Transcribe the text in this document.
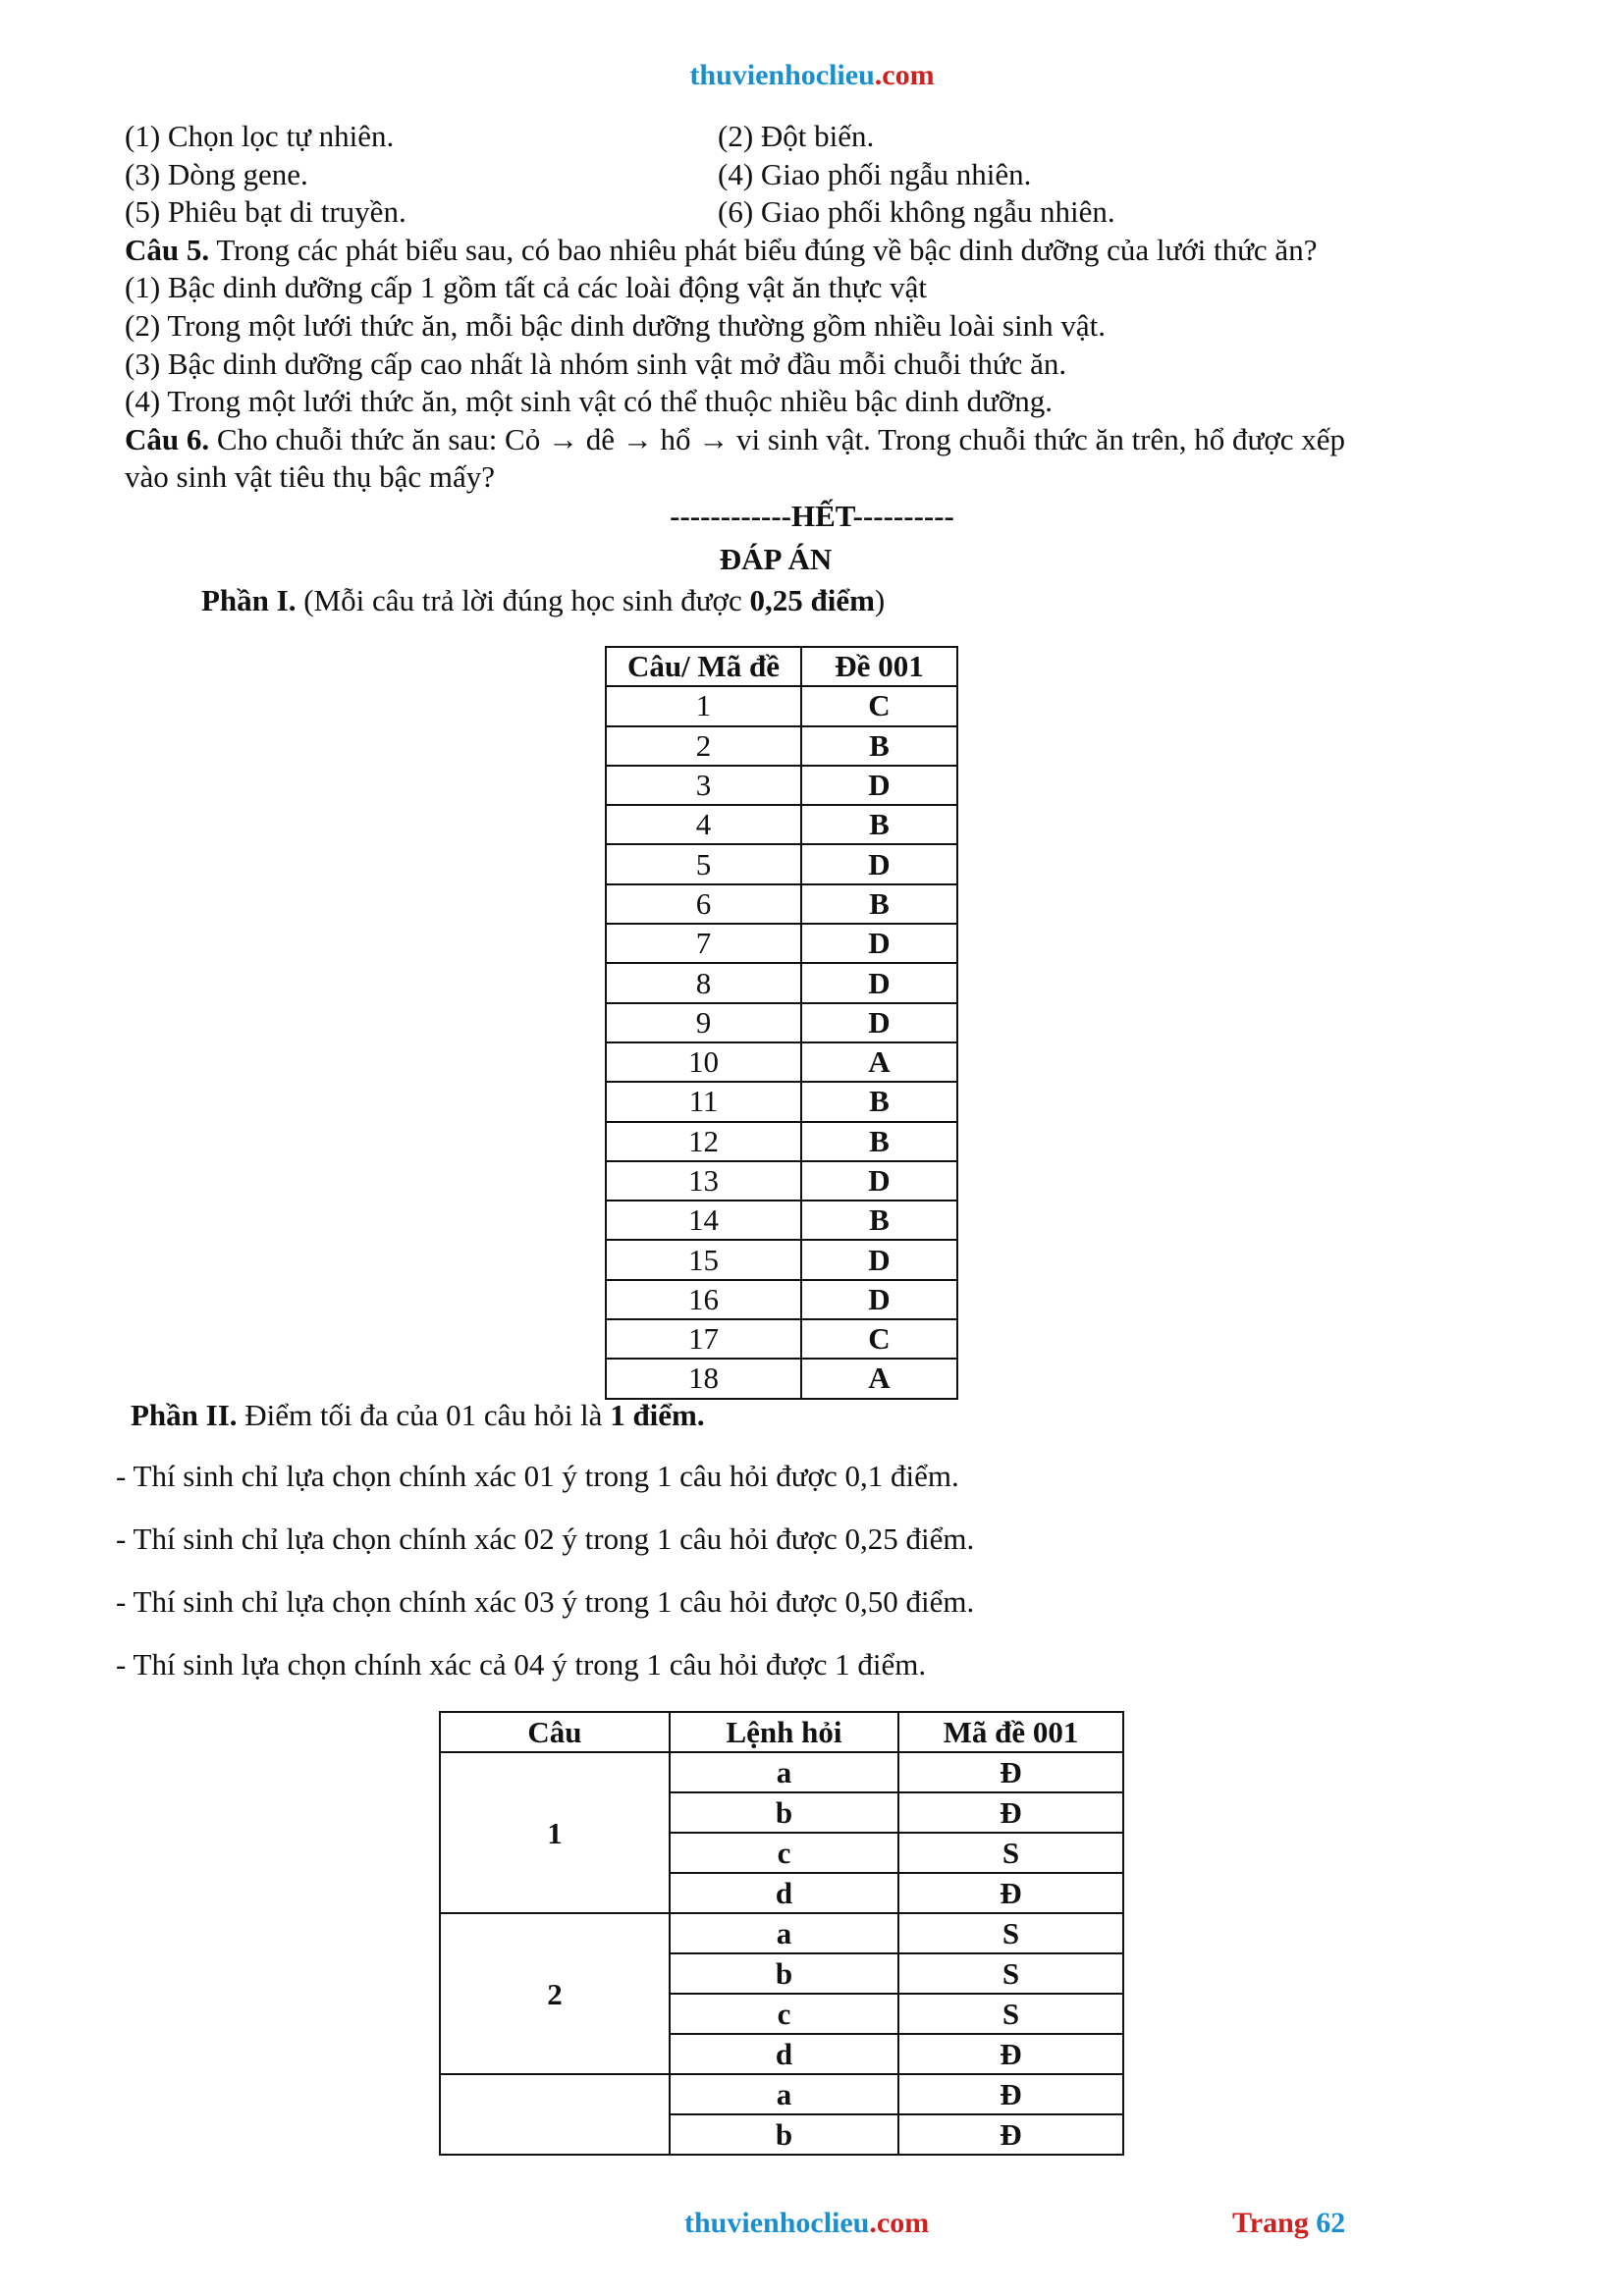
thuvienhoclieu.com
(1) Chọn lọc tự nhiên.	(2) Đột biến.
(3) Dòng gene.	(4) Giao phối ngẫu nhiên.
(5) Phiêu bạt di truyền.	(6) Giao phối không ngẫu nhiên.
Câu 5. Trong các phát biểu sau, có bao nhiêu phát biểu đúng về bậc dinh dưỡng của lưới thức ăn?
(1) Bậc dinh dưỡng cấp 1 gồm tất cả các loài động vật ăn thực vật
(2) Trong một lưới thức ăn, mỗi bậc dinh dưỡng thường gồm nhiều loài sinh vật.
(3) Bậc dinh dưỡng cấp cao nhất là nhóm sinh vật mở đầu mỗi chuỗi thức ăn.
(4) Trong một lưới thức ăn, một sinh vật có thể thuộc nhiều bậc dinh dưỡng.
Câu 6. Cho chuỗi thức ăn sau: Cỏ → dê → hổ → vi sinh vật. Trong chuỗi thức ăn trên, hổ được xếp
vào sinh vật tiêu thụ bậc mấy?
------------HẾT----------
ĐÁP ÁN
Phần I. (Mỗi câu trả lời đúng học sinh được 0,25 điểm)
Câu/ Mã đề	Đề 001
1	C
2	B
3	D
4	B
5	D
6	B
7	D
8	D
9	D
10	A
11	B
12	B
13	D
14	B
15	D
16	D
17	C
18	A
Phần II. Điểm tối đa của 01 câu hỏi là 1 điểm.
- Thí sinh chỉ lựa chọn chính xác 01 ý trong 1 câu hỏi được 0,1 điểm.
- Thí sinh chỉ lựa chọn chính xác 02 ý trong 1 câu hỏi được 0,25 điểm.
- Thí sinh chỉ lựa chọn chính xác 03 ý trong 1 câu hỏi được 0,50 điểm.
- Thí sinh lựa chọn chính xác cả 04 ý trong 1 câu hỏi được 1 điểm.
Câu	Lệnh hỏi	Mã đề 001
1	a	Đ
	b	Đ
	c	S
	d	Đ
2	a	S
	b	S
	c	S
	d	Đ
	a	Đ
	b	Đ
thuvienhoclieu.com	Trang 62
